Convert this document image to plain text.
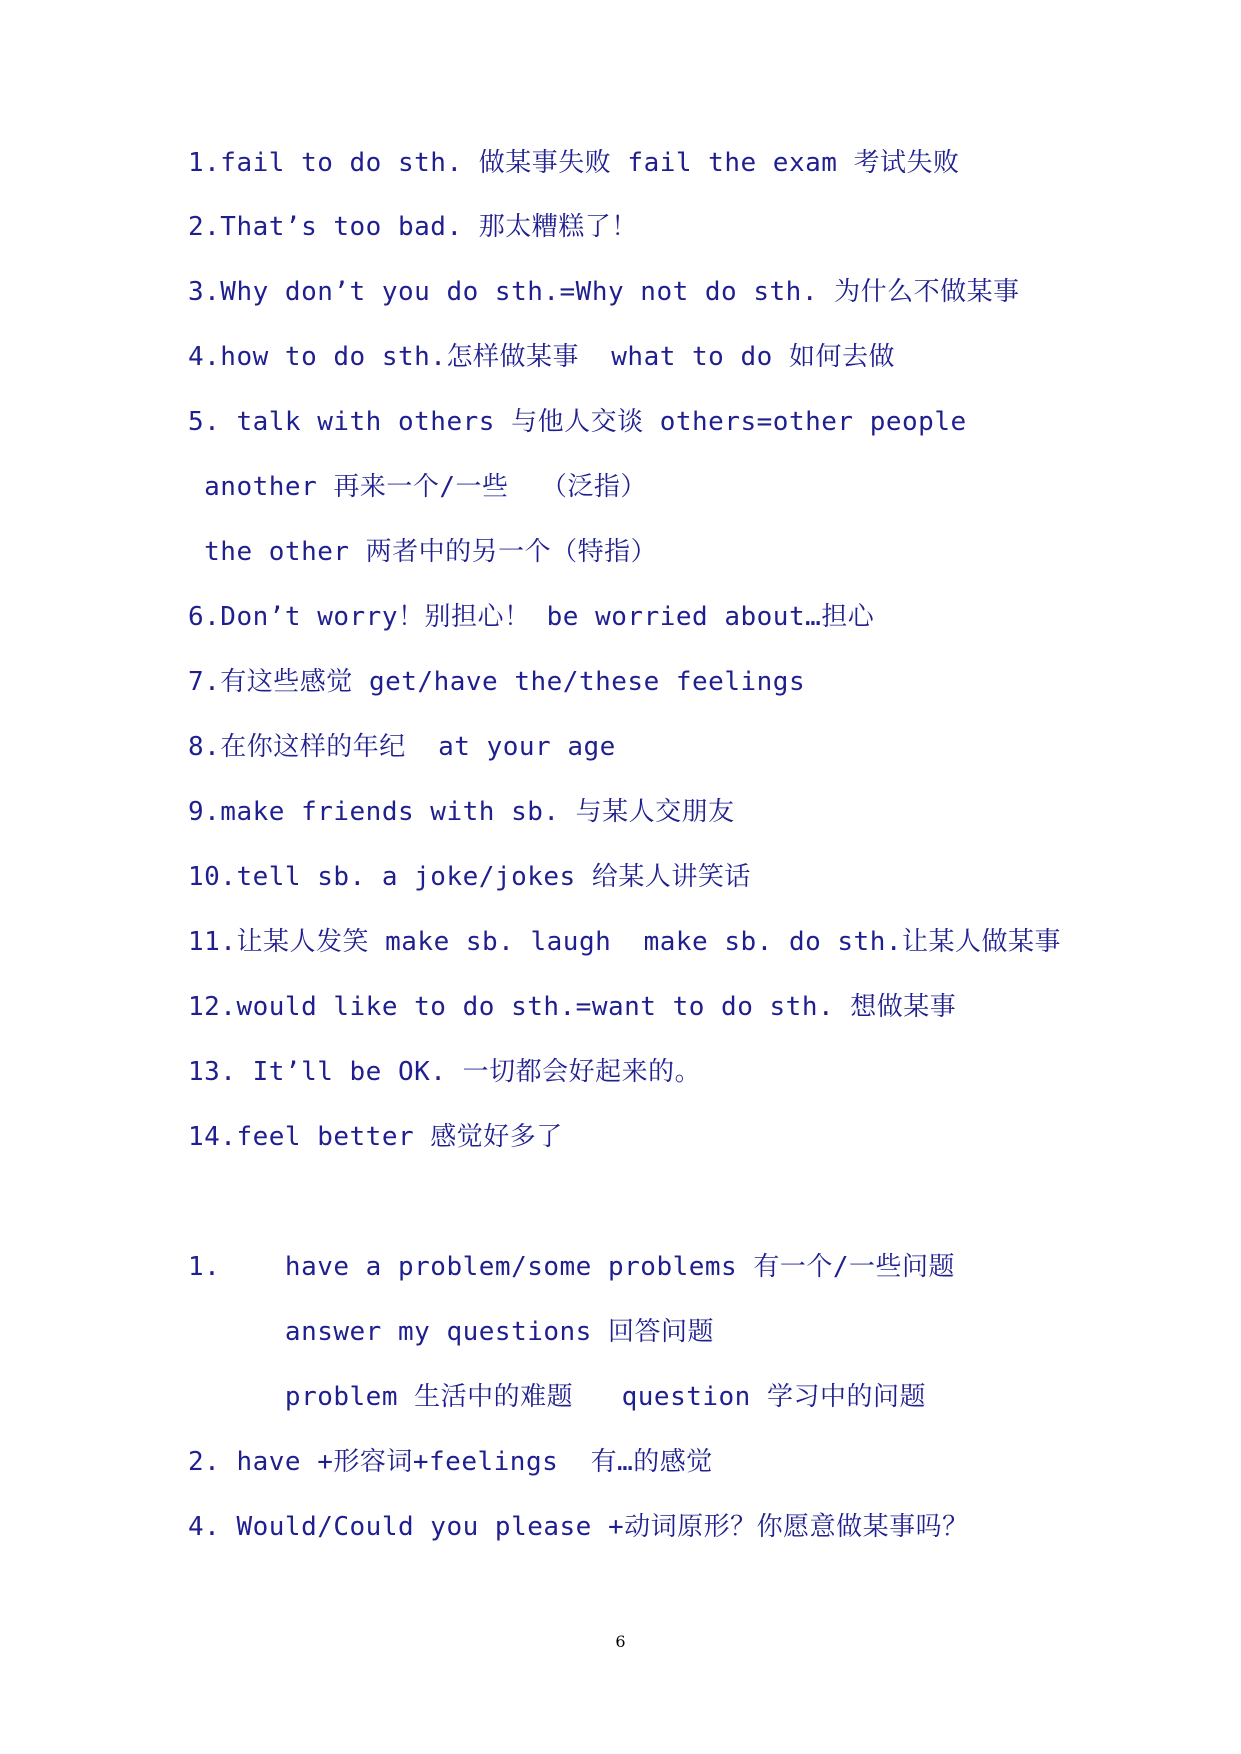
1.fail to do sth. 做某事失败 fail the exam 考试失败
2.That’s too bad. 那太糟糕了！
3.Why don’t you do sth.=Why not do sth. 为什么不做某事
4.how to do sth.怎样做某事  what to do 如何去做
5. talk with others 与他人交谈 others=other people
another 再来一个/一些  （泛指）
the other 两者中的另一个（特指）
6.Don’t worry！别担心！ be worried about…担心
7.有这些感觉 get/have the/these feelings
8.在你这样的年纪  at your age
9.make friends with sb. 与某人交朋友
10.tell sb. a joke/jokes 给某人讲笑话
11.让某人发笑 make sb. laugh  make sb. do sth.让某人做某事
12.would like to do sth.=want to do sth. 想做某事
13. It’ll be OK. 一切都会好起来的。
14.feel better 感觉好多了
1.    have a problem/some problems 有一个/一些问题
answer my questions 回答问题
problem 生活中的难题   question 学习中的问题
2. have +形容词+feelings  有…的感觉
4. Would/Could you please +动词原形？你愿意做某事吗？
6
